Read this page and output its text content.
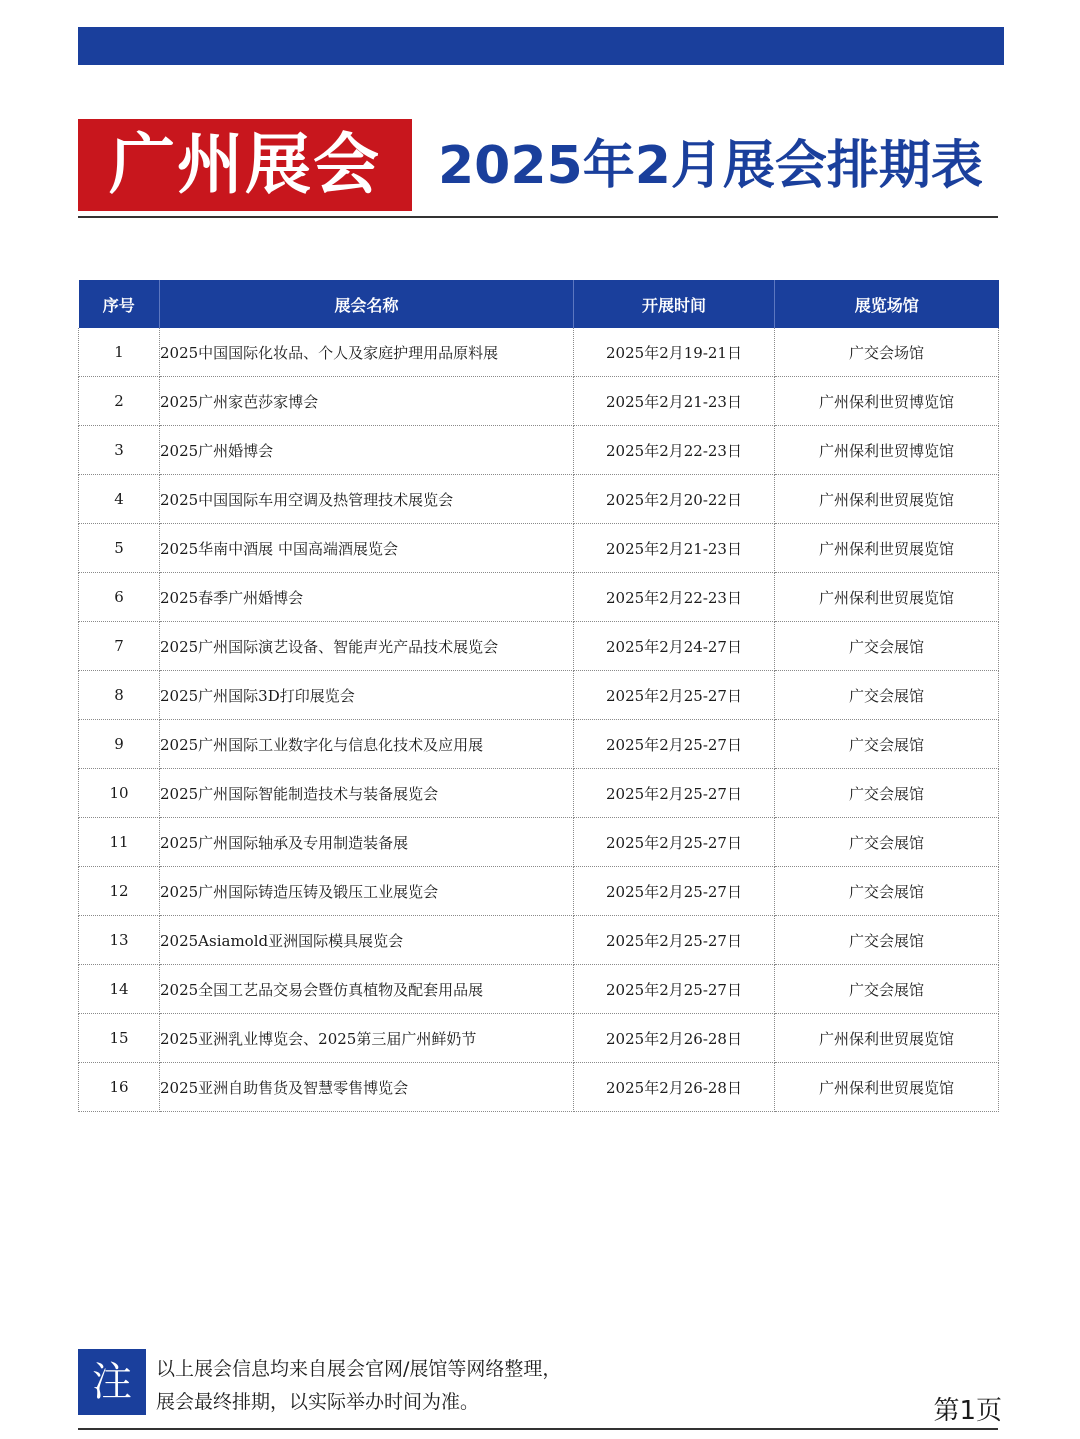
广州展会	2025年2月展会排期表
序号	展会名称	开展时间	展览场馆
1	2025中国国际化妆品、个人及家庭护理用品原料展	2025年2月19-21日	广交会场馆
2	2025广州家芭莎家博会	2025年2月21-23日	广州保利世贸博览馆
3	2025广州婚博会	2025年2月22-23日	广州保利世贸博览馆
4	2025中国国际车用空调及热管理技术展览会	2025年2月20-22日	广州保利世贸展览馆
5	2025华南中酒展 中国高端酒展览会	2025年2月21-23日	广州保利世贸展览馆
6	2025春季广州婚博会	2025年2月22-23日	广州保利世贸展览馆
7	2025广州国际演艺设备、智能声光产品技术展览会	2025年2月24-27日	广交会展馆
8	2025广州国际3D打印展览会	2025年2月25-27日	广交会展馆
9	2025广州国际工业数字化与信息化技术及应用展	2025年2月25-27日	广交会展馆
10	2025广州国际智能制造技术与装备展览会	2025年2月25-27日	广交会展馆
11	2025广州国际轴承及专用制造装备展	2025年2月25-27日	广交会展馆
12	2025广州国际铸造压铸及锻压工业展览会	2025年2月25-27日	广交会展馆
13	2025Asiamold亚洲国际模具展览会	2025年2月25-27日	广交会展馆
14	2025全国工艺品交易会暨仿真植物及配套用品展	2025年2月25-27日	广交会展馆
15	2025亚洲乳业博览会、2025第三届广州鲜奶节	2025年2月26-28日	广州保利世贸展览馆
16	2025亚洲自助售货及智慧零售博览会	2025年2月26-28日	广州保利世贸展览馆
注	以上展会信息均来自展会官网/展馆等网络整理，
展会最终排期，以实际举办时间为准。	第1页
